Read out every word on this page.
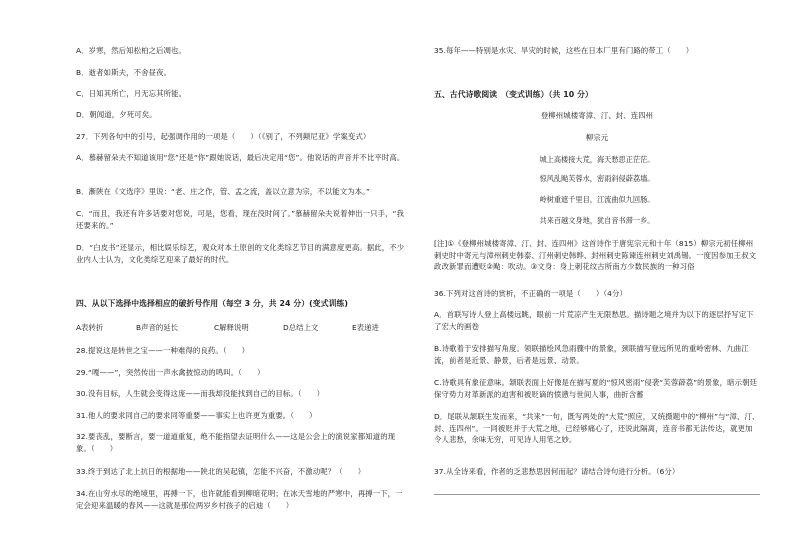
A．岁寒，然后知松柏之后凋也。
B．逝者如斯夫，不舍昼夜。
C．日知其所亡，月无忘其所能。
D．朝闻道，夕死可矣。
27．下列各句中的引号，起强调作用的一项是（　　）（《别了，不列颠尼亚》学案变式）
A．慕赫留朵夫不知道该用“您”还是“你”跟她说话，最后决定用“您”。他说话的声音并不比平时高。
B．漸陕在《文选序》里说：“老、庄之作，管、孟之流，盖以立意为宗，不以能文为本。”
C．“而且，我还有许多话要对您说，可是，您看，现在没时间了。”慕赫留朵夫说着伸出一只手，“我还要来的。”
D．“白皮书”还显示，相比娱乐综艺，观众对本土原创的文化类综艺节目的满意度更高。据此，不少业内人士认为，文化类综艺迎来了最好的时代。
四、从以下选择中选择相应的破折号作用（每空 3 分，共 24 分）(变式训练)
A表转折	B声音的延长	C解释说明	D总结上文	E表递进
28.提说这是转世之宝——一种难得的良药。（　　）
29.“嘎——”，突然传出一声水禽披惊动的鸣叫。（　　）
30.没有目标，人生就会变得这庞——而我却没能找到自己的目标。（　　）
31.他人的要求同自己的要求同等重要——事实上也许更为重要。（　　）
32.要丧乱，要断言，要一道道重复，绝不能指望去证明什么——这是公会上的演说家都知道的现象。（　　）
33.终于到达了北上抗日的根据地——陕北的吴起镇，怎能不兴奋，不激动呢？（　　）
34.在山穷水尽的绝境里，再搏一下，也许就能看到柳暗花明；在冰天雪地的严寒中，再搏一下，一定会迎来温暖的春风——这就是那位两岁乡村孩子的启迪（　　）
35.每年——特别是水灾、旱灾的时候，这些在日本厂里有门路的带工（　　）
五、古代诗歌阅读　（变式训练）（共 10 分）
登柳州城楼寄漳、汀、封、连四州
柳宗元
城上高楼接大荒，海天愁思正茫茫。
惊风乱飐芙蓉水，密雨斜侵薜荔墙。
岭树重遮千里目，江流曲似九回肠。
共来百越文身地，犹自音书滞一乡。
[注]①《登柳州城楼寄漳、汀、封、连四州》这首诗作于唐宪宗元和十年（815）柳宗元初任柳州刺史时中寄元与漳州刺史韩泰、汀州刺史韩晔、封州刺史陈谏连州刺史刘禹锡。一度因参加王叔文政改新罪而遭贬②飐：吹动。③文身：身上刺花纹古所南方少数民族的一种习俗
36.下列对这首诗的赏析，不正确的一项是（　　）（4分）
A．首联写诗人登上高楼远眺，眼前一片荒凉产生无限愁思。描诗题之境并为以下的逐层抒写定下了宏大的画卷
B.诗歌着于安排描写角度。领联描绘风急雨骤中的景象，颈联描写登远所见的重岭密林、九曲江流，前者是近景、静景，后者是远景、动景。
C.诗歌具有象征意味。颔联表面上好像是在描写夏的“惊风密雨”侵袭“芙蓉薜荔”的景象，暗示朝廷保守势力对革新派的迫害和被贬谪的愤懑与世间人事，曲折含蓄
D．尾联从颔联生发而来，“共来”一句，既写两处的“大荒”照应，又统摄题中的“柳州”与“漳、汀、封、连四州”。一同被贬并于大荒之地，已经够痛心了，还说此隔离，连音书都无法传达，就更加令人悲愁，余味无穷，可见诗人用笔之妙。
37.从全诗来看，作者的乏悲愁思因何而起？请结合诗句进行分析。（6分）
